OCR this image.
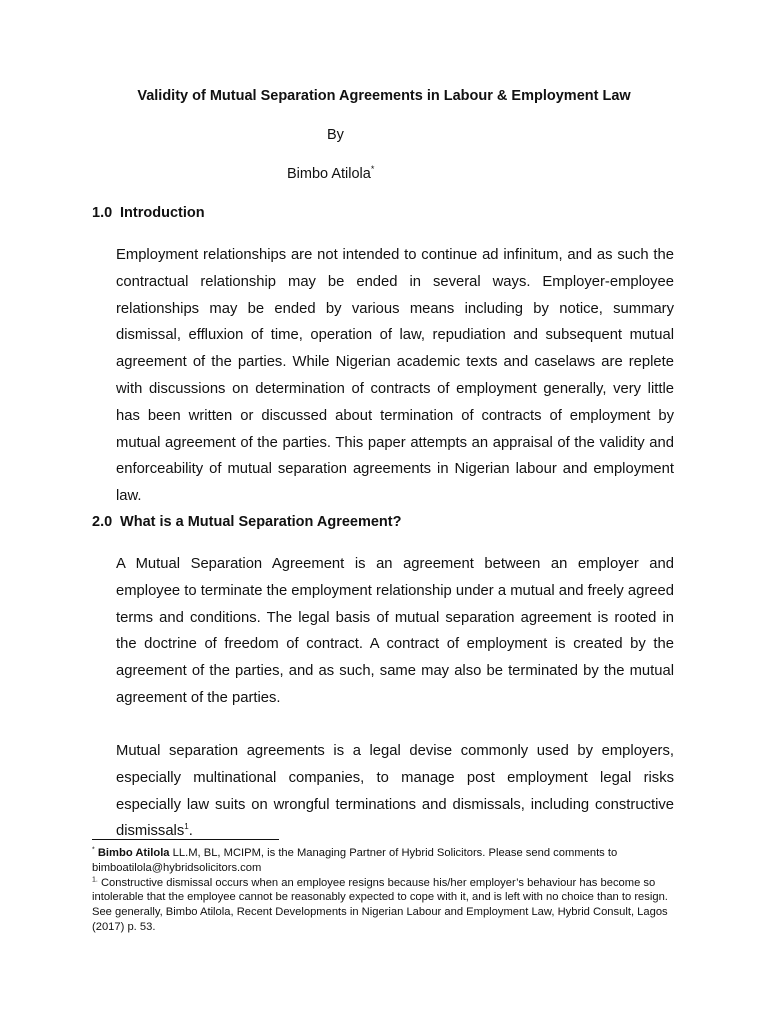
Validity of Mutual Separation Agreements in Labour & Employment Law
By
Bimbo Atilola*
1.0 Introduction

Employment relationships are not intended to continue ad infinitum, and as such the contractual relationship may be ended in several ways. Employer-employee relationships may be ended by various means including by notice, summary dismissal, effluxion of time, operation of law, repudiation and subsequent mutual agreement of the parties. While Nigerian academic texts and caselaws are replete with discussions on determination of contracts of employment generally, very little has been written or discussed about termination of contracts of employment by mutual agreement of the parties. This paper attempts an appraisal of the validity and enforceability of mutual separation agreements in Nigerian labour and employment law.

2.0 What is a Mutual Separation Agreement?

A Mutual Separation Agreement is an agreement between an employer and employee to terminate the employment relationship under a mutual and freely agreed terms and conditions. The legal basis of mutual separation agreement is rooted in the doctrine of freedom of contract. A contract of employment is created by the agreement of the parties, and as such, same may also be terminated by the mutual agreement of the parties.

Mutual separation agreements is a legal devise commonly used by employers, especially multinational companies, to manage post employment legal risks especially law suits on wrongful terminations and dismissals, including constructive dismissals$^1$.

* Bimbo Atilola LL.M, BL, MCIPM, is the Managing Partner of Hybrid Solicitors. Please send comments to bimboatilola@hybridsolicitors.com

$^{1.}$ Constructive dismissal occurs when an employee resigns because his/her employer’s behaviour has become so intolerable that the employee cannot be reasonably expected to cope with it, and is left with no choice than to resign. See generally, Bimbo Atilola, Recent Developments in Nigerian Labour and Employment Law, Hybrid Consult, Lagos (2017) p. 53.
